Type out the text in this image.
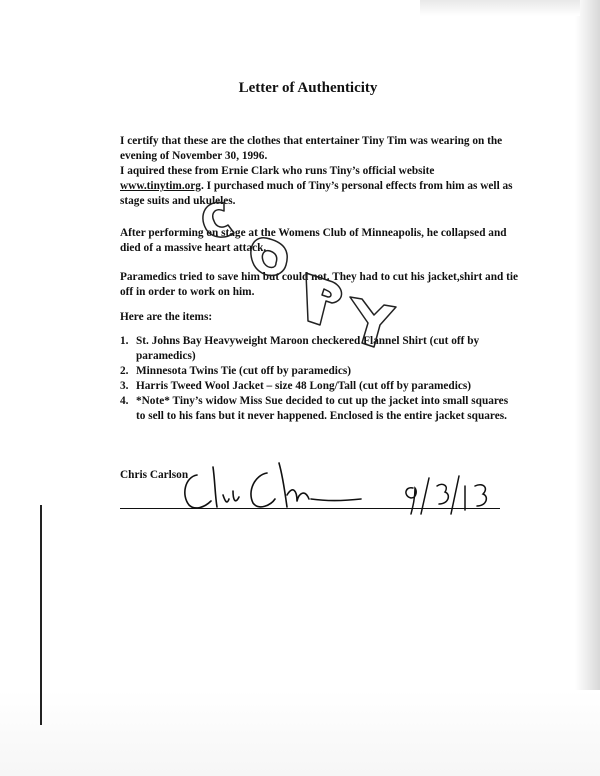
Letter of Authenticity

I certify that these are the clothes that entertainer Tiny Tim was wearing on the evening of November 30, 1996.

I aquired these from Ernie Clark who runs Tiny’s official website www.tinytim.org. I purchased much of Tiny’s personal effects from him as well as stage suits and ukuleles.

After performing on stage at the Womens Club of Minneapolis, he collapsed and died of a massive heart attack.

Paramedics tried to save him but could not. They had to cut his jacket,shirt and tie off in order to work on him.

Here are the items:

1. St. Johns Bay Heavyweight Maroon checkered Flannel Shirt (cut off by paramedics)
2. Minnesota Twins Tie (cut off by paramedics)
3. Harris Tweed Wool Jacket – size 48 Long/Tall (cut off by paramedics)
4. *Note* Tiny’s widow Miss Sue decided to cut up the jacket into small squares to sell to his fans but it never happened. Enclosed is the entire jacket squares.
Chris Carlson
